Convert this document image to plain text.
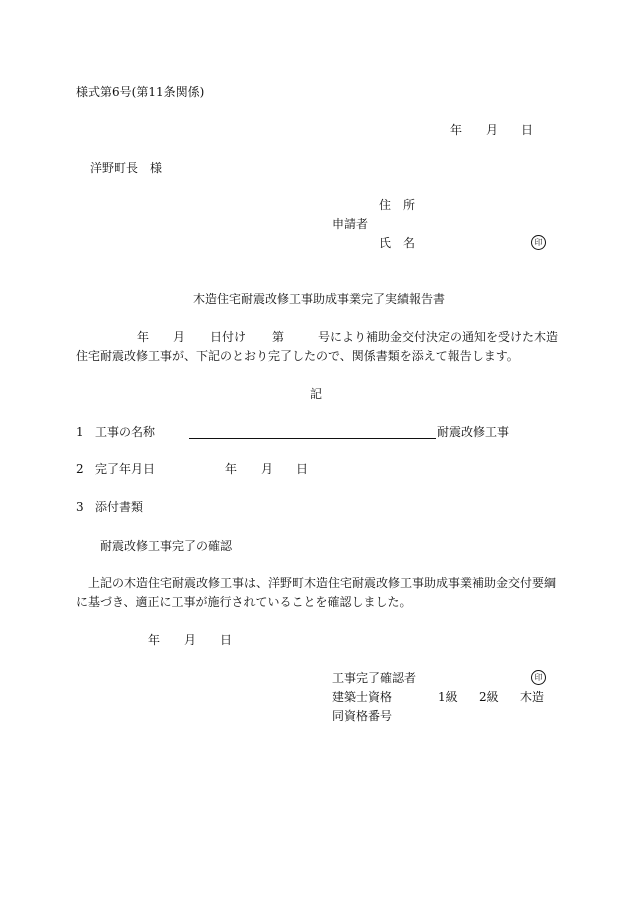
様式第6号(第11条関係)
年 月 日
洋野町長　様
住　所
申請者
氏　名	印
木造住宅耐震改修工事助成事業完了実績報告書
年 月 日付け 第	号により補助金交付決定の通知を受けた木造
住宅耐震改修工事が、下記のとおり完了したので、関係書類を添えて報告します。
記
1 工事の名称	耐震改修工事
2 完了年月日	年 月 日
3 添付書類
耐震改修工事完了の確認
上記の木造住宅耐震改修工事は、洋野町木造住宅耐震改修工事助成事業補助金交付要綱
に基づき、適正に工事が施行されていることを確認しました。
年 月 日
工事完了確認者	印
建築士資格	1級 2級 木造
同資格番号
